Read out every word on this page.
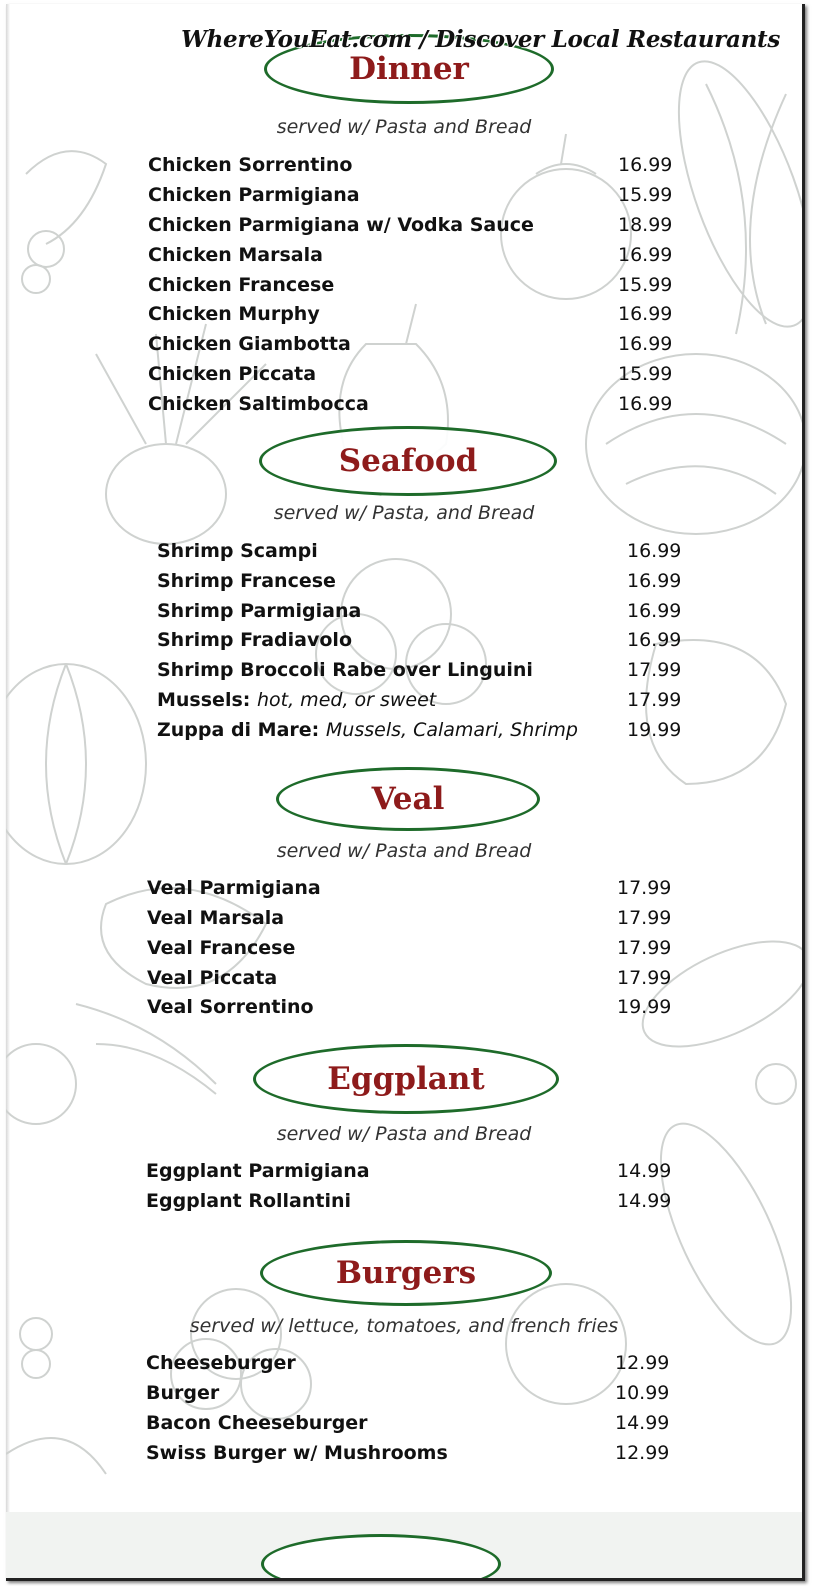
WhereYouEat.com / Discover Local Restaurants
Dinner
served w/ Pasta and Bread
Chicken Sorrentino	16.99
Chicken Parmigiana	15.99
Chicken Parmigiana w/ Vodka Sauce	18.99
Chicken Marsala	16.99
Chicken Francese	15.99
Chicken Murphy	16.99
Chicken Giambotta	16.99
Chicken Piccata	15.99
Chicken Saltimbocca	16.99
Seafood
served w/ Pasta, and Bread
Shrimp Scampi	16.99
Shrimp Francese	16.99
Shrimp Parmigiana	16.99
Shrimp Fradiavolo	16.99
Shrimp Broccoli Rabe over Linguini	17.99
Mussels: hot, med, or sweet	17.99
Zuppa di Mare: Mussels, Calamari, Shrimp	19.99
Veal
served w/ Pasta and Bread
Veal Parmigiana	17.99
Veal Marsala	17.99
Veal Francese	17.99
Veal Piccata	17.99
Veal Sorrentino	19.99
Eggplant
served w/ Pasta and Bread
Eggplant Parmigiana	14.99
Eggplant Rollantini	14.99
Burgers
served w/ lettuce, tomatoes, and french fries
Cheeseburger	12.99
Burger	10.99
Bacon Cheeseburger	14.99
Swiss Burger w/ Mushrooms	12.99
